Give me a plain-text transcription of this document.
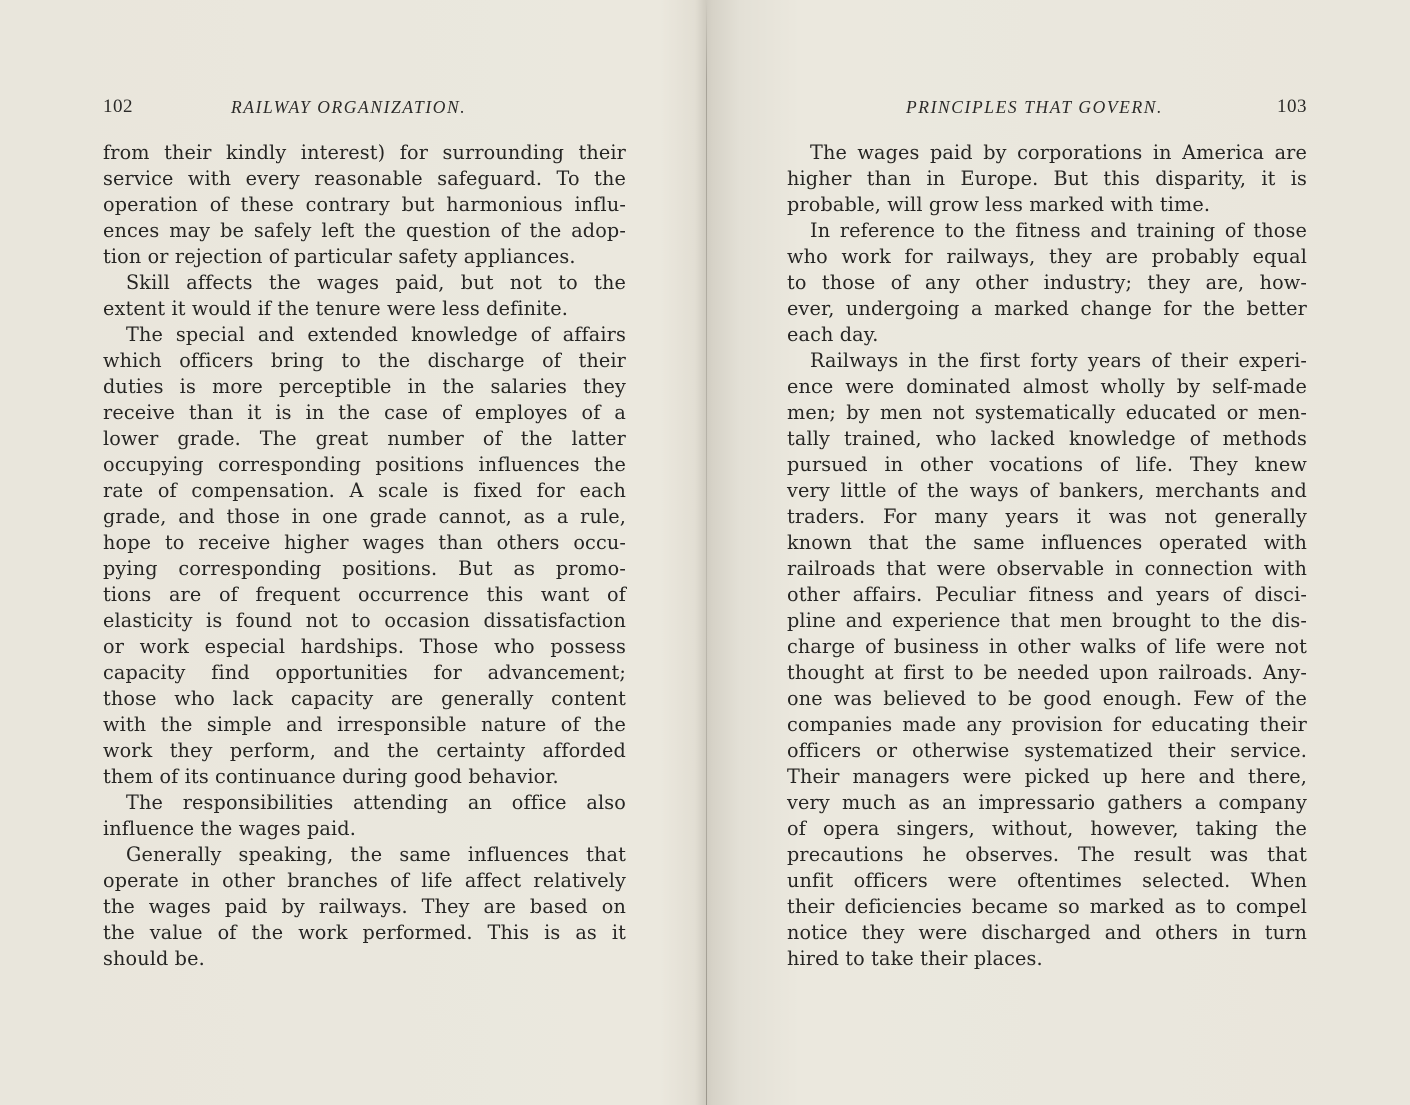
102	RAILWAY ORGANIZATION.
from their kindly interest) for surrounding their
service with every reasonable safeguard. To the
operation of these contrary but harmonious influ-
ences may be safely left the question of the adop-
tion or rejection of particular safety appliances.
Skill affects the wages paid, but not to the
extent it would if the tenure were less definite.
The special and extended knowledge of affairs
which officers bring to the discharge of their
duties is more perceptible in the salaries they
receive than it is in the case of employes of a
lower grade. The great number of the latter
occupying corresponding positions influences the
rate of compensation. A scale is fixed for each
grade, and those in one grade cannot, as a rule,
hope to receive higher wages than others occu-
pying corresponding positions. But as promo-
tions are of frequent occurrence this want of
elasticity is found not to occasion dissatisfaction
or work especial hardships. Those who possess
capacity find opportunities for advancement;
those who lack capacity are generally content
with the simple and irresponsible nature of the
work they perform, and the certainty afforded
them of its continuance during good behavior.
The responsibilities attending an office also
influence the wages paid.
Generally speaking, the same influences that
operate in other branches of life affect relatively
the wages paid by railways. They are based on
the value of the work performed. This is as it
should be.
PRINCIPLES THAT GOVERN.	103
The wages paid by corporations in America are
higher than in Europe. But this disparity, it is
probable, will grow less marked with time.
In reference to the fitness and training of those
who work for railways, they are probably equal
to those of any other industry; they are, how-
ever, undergoing a marked change for the better
each day.
Railways in the first forty years of their experi-
ence were dominated almost wholly by self-made
men; by men not systematically educated or men-
tally trained, who lacked knowledge of methods
pursued in other vocations of life. They knew
very little of the ways of bankers, merchants and
traders. For many years it was not generally
known that the same influences operated with
railroads that were observable in connection with
other affairs. Peculiar fitness and years of disci-
pline and experience that men brought to the dis-
charge of business in other walks of life were not
thought at first to be needed upon railroads. Any-
one was believed to be good enough. Few of the
companies made any provision for educating their
officers or otherwise systematized their service.
Their managers were picked up here and there,
very much as an impressario gathers a company
of opera singers, without, however, taking the
precautions he observes. The result was that
unfit officers were oftentimes selected. When
their deficiencies became so marked as to compel
notice they were discharged and others in turn
hired to take their places.
